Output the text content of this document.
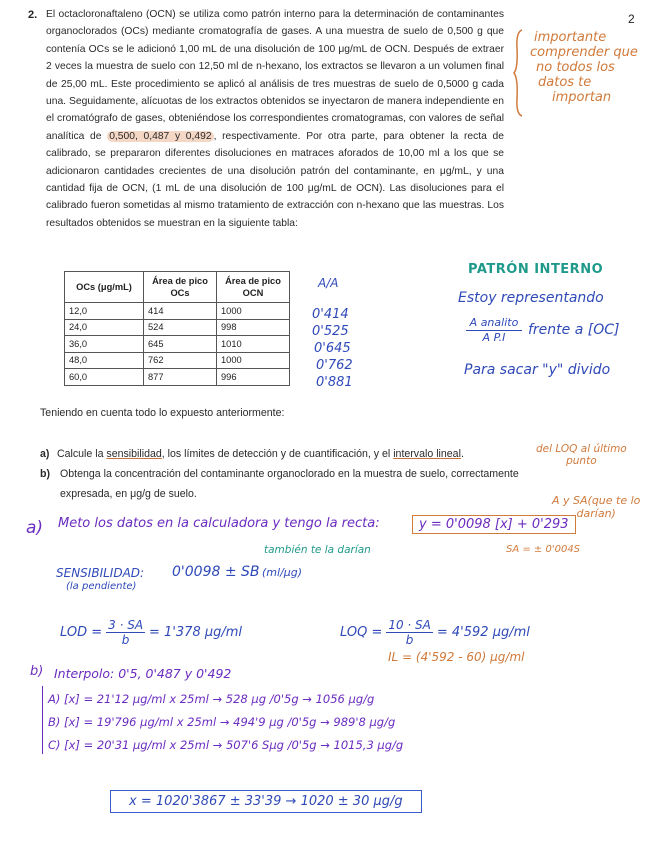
2
2. El octacloronaftaleno (OCN) se utiliza como patrón interno para la determinación de contaminantes organoclorados (OCs) mediante cromatografía de gases. A una muestra de suelo de 0,500 g que contenía OCs se le adicionó 1,00 mL de una disolución de 100 μg/mL de OCN. Después de extraer 2 veces la muestra de suelo con 12,50 ml de n-hexano, los extractos se llevaron a un volumen final de 25,00 mL. Este procedimiento se aplicó al análisis de tres muestras de suelo de 0,5000 g cada una. Seguidamente, alícuotas de los extractos obtenidos se inyectaron de manera independiente en el cromatógrafo de gases, obteniéndose los correspondientes cromatogramas, con valores de señal analítica de 0,500, 0,487 y 0,492 , respectivamente. Por otra parte, para obtener la recta de calibrado, se prepararon diferentes disoluciones en matraces aforados de 10,00 ml a los que se adicionaron cantidades crecientes de una disolución patrón del contaminante, en μg/mL, y una cantidad fija de OCN, (1 mL de una disolución de 100 μg/mL de OCN). Las disoluciones para el calibrado fueron sometidas al mismo tratamiento de extracción con n-hexano que las muestras. Los resultados obtenidos se muestran en la siguiente tabla:

importante
comprender que
no todos los
datos te
importan
OCs (μg/mL)	Área de pico OCs	Área de pico OCN
12,0	414	1000
24,0	524	998
36,0	645	1010
48,0	762	1000
60,0	877	996
A/A
0'414
0'525
0'645
0'762
0'881
PATRÓN INTERNO
Estoy representando
A analito
A P.I	frente a [OC]
Para sacar "y" divido
Teniendo en cuenta todo lo expuesto anteriormente:
a) Calcule la sensibilidad, los límites de detección y de cuantificación, y el intervalo lineal.
b) Obtenga la concentración del contaminante organoclorado en la muestra de suelo, correctamente expresada, en μg/g de suelo.
del LOQ al último
punto
A y SA(que te lo
darían)
a) Meto los datos en la calculadora y tengo la recta:	y = 0'0098 [x] + 0'293
SA = ± 0'004S
también te la darían
SENSIBILIDAD: 0'0098 ± SB (ml/μg)
(la pendiente)
LOD = $\frac{3 \cdot SA}{b} = 1'378$ μg/ml	LOQ = $\frac{10 \cdot SA}{b} = 4'592$ μg/ml
IL = (4'592 - 60) μg/ml
b) Interpolo: 0'5, 0'487 y 0'492
A) [x] = 21'12 μg/ml x 25ml → 528 μg /0'5g → 1056 μg/g
B) [x] = 19'796 μg/ml x 25ml → 494'9 μg /0'5g → 989'8 μg/g
C) [x] = 20'31 μg/ml x 25ml → 507'6 Sμg /0'5g → 1015,3 μg/g
x = 1020'3867 ± 33'39 → 1020 ± 30 μg/g
